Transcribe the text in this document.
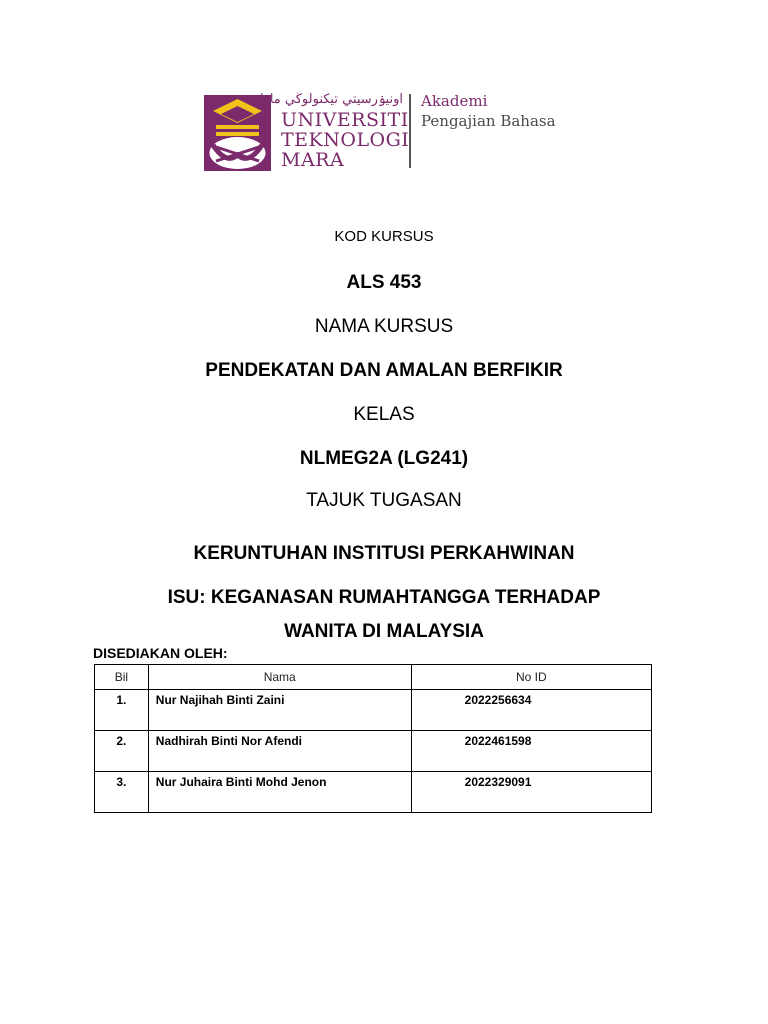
اونيۏرسيتي تيكنولوڬي مارا
UNIVERSITI
TEKNOLOGI
MARA
Akademi
Pengajian Bahasa
KOD KURSUS
ALS 453
NAMA KURSUS
PENDEKATAN DAN AMALAN BERFIKIR
KELAS
NLMEG2A (LG241)
TAJUK TUGASAN
KERUNTUHAN INSTITUSI PERKAHWINAN
ISU: KEGANASAN RUMAHTANGGA TERHADAP
WANITA DI MALAYSIA
DISEDIAKAN OLEH:
Bil	Nama	No ID

1.	Nur Najihah Binti Zaini	2022256634

2.	Nadhirah Binti Nor Afendi	2022461598

3.	Nur Juhaira Binti Mohd Jenon	2022329091
